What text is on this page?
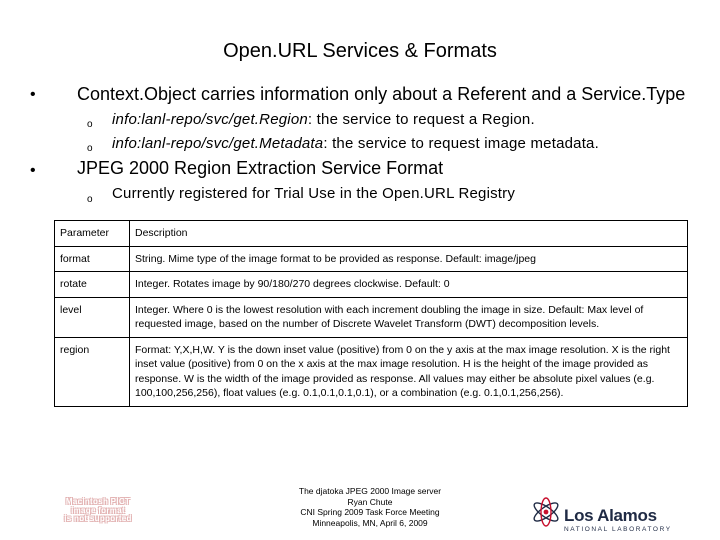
Open.URL Services & Formats
• Context.Object carries information only about a Referent and a Service.Type
o info:lanl-repo/svc/get.Region: the service to request a Region.
o info:lanl-repo/svc/get.Metadata: the service to request image metadata.
• JPEG 2000 Region Extraction Service Format
o Currently registered for Trial Use in the Open.URL Registry
Parameter	Description
format	String. Mime type of the image format to be provided as response. Default: image/jpeg
rotate	Integer. Rotates image by 90/180/270 degrees clockwise. Default: 0
level	Integer. Where 0 is the lowest resolution with each increment doubling the image in size. Default: Max level of requested image, based on the number of Discrete Wavelet Transform (DWT) decomposition levels.
region	Format: Y,X,H,W. Y is the down inset value (positive) from 0 on the y axis at the max image resolution. X is the right inset value (positive) from 0 on the x axis at the max image resolution. H is the height of the image provided as response. W is the width of the image provided as response. All values may either be absolute pixel values (e.g. 100,100,256,256), float values (e.g. 0.1,0.1,0.1,0.1), or a combination (e.g. 0.1,0.1,256,256).
Macintosh PICT
image format
is not supported
The djatoka JPEG 2000 Image server
Ryan Chute
CNI Spring 2009 Task Force Meeting
Minneapolis, MN, April 6, 2009	Los Alamos
NATIONAL LABORATORY
